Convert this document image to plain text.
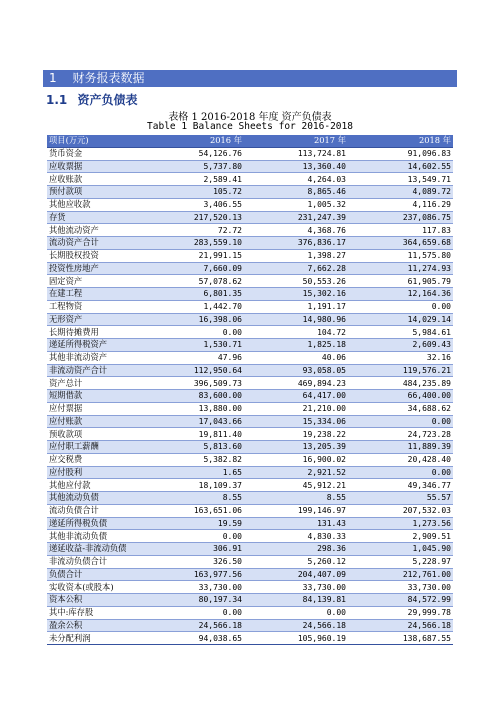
1 财务报表数据
1.1 资产负债表
表格 1 2016-2018 年度 资产负债表
Table 1 Balance Sheets for 2016-2018
项目(万元)	2016 年	2017 年	2018 年
货币资金	54,126.76	113,724.81	91,096.83
应收票据	5,737.80	13,360.40	14,602.55
应收账款	2,589.41	4,264.03	13,549.71
预付款项	105.72	8,865.46	4,089.72
其他应收款	3,406.55	1,005.32	4,116.29
存货	217,520.13	231,247.39	237,086.75
其他流动资产	72.72	4,368.76	117.83
流动资产合计	283,559.10	376,836.17	364,659.68
长期股权投资	21,991.15	1,398.27	11,575.80
投资性房地产	7,660.09	7,662.28	11,274.93
固定资产	57,078.62	50,553.26	61,905.79
在建工程	6,801.35	15,302.16	12,164.36
工程物资	1,442.70	1,191.17	0.00
无形资产	16,398.06	14,980.96	14,029.14
长期待摊费用	0.00	104.72	5,984.61
递延所得税资产	1,530.71	1,825.18	2,609.43
其他非流动资产	47.96	40.06	32.16
非流动资产合计	112,950.64	93,058.05	119,576.21
资产总计	396,509.73	469,894.23	484,235.89
短期借款	83,600.00	64,417.00	66,400.00
应付票据	13,880.00	21,210.00	34,688.62
应付账款	17,043.66	15,334.06	0.00
预收款项	19,811.40	19,238.22	24,723.28
应付职工薪酬	5,813.60	13,205.39	11,889.39
应交税费	5,382.82	16,900.02	20,428.40
应付股利	1.65	2,921.52	0.00
其他应付款	18,109.37	45,912.21	49,346.77
其他流动负债	8.55	8.55	55.57
流动负债合计	163,651.06	199,146.97	207,532.03
递延所得税负债	19.59	131.43	1,273.56
其他非流动负债	0.00	4,830.33	2,909.51
递延收益-非流动负债	306.91	298.36	1,045.90
非流动负债合计	326.50	5,260.12	5,228.97
负债合计	163,977.56	204,407.09	212,761.00
实收资本(或股本)	33,730.00	33,730.00	33,730.00
资本公积	80,197.34	84,139.81	84,572.99
其中:库存股	0.00	0.00	29,999.78
盈余公积	24,566.18	24,566.18	24,566.18
未分配利润	94,038.65	105,960.19	138,687.55
